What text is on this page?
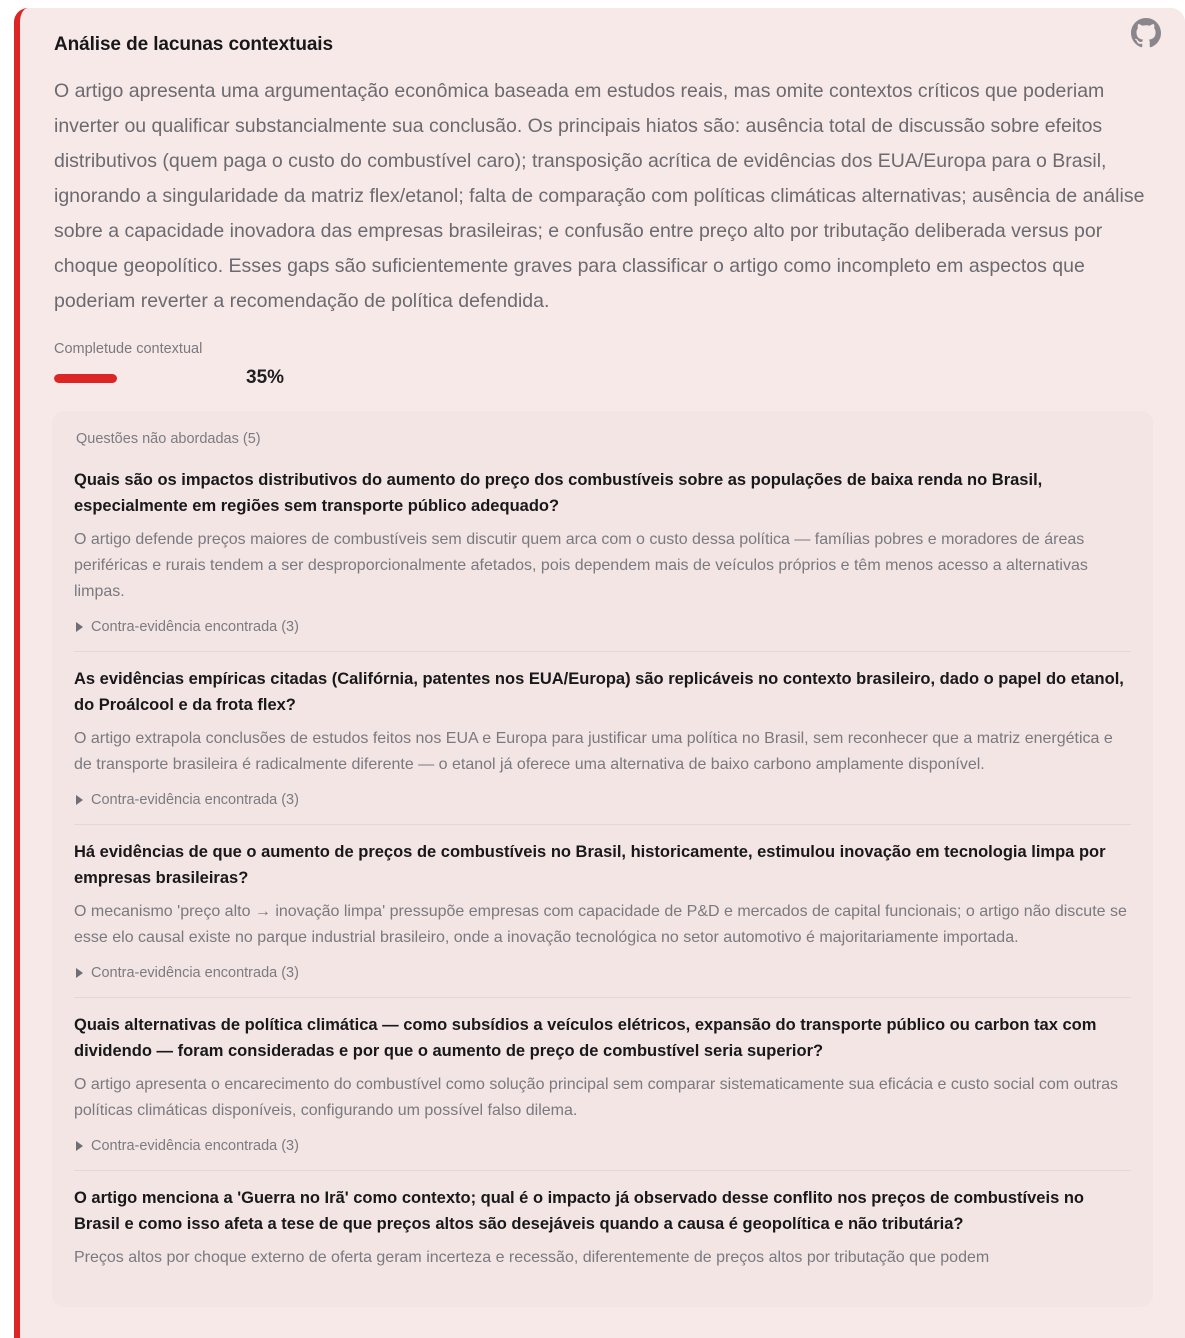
Análise de lacunas contextuais

O artigo apresenta uma argumentação econômica baseada em estudos reais, mas omite contextos críticos que poderiam inverter ou qualificar substancialmente sua conclusão. Os principais hiatos são: ausência total de discussão sobre efeitos distributivos (quem paga o custo do combustível caro); transposição acrítica de evidências dos EUA/Europa para o Brasil, ignorando a singularidade da matriz flex/etanol; falta de comparação com políticas climáticas alternativas; ausência de análise sobre a capacidade inovadora das empresas brasileiras; e confusão entre preço alto por tributação deliberada versus por choque geopolítico. Esses gaps são suficientemente graves para classificar o artigo como incompleto em aspectos que poderiam reverter a recomendação de política defendida.

Completude contextual
35%
Questões não abordadas (5)
Quais são os impactos distributivos do aumento do preço dos combustíveis sobre as populações de baixa renda no Brasil, especialmente em regiões sem transporte público adequado?
O artigo defende preços maiores de combustíveis sem discutir quem arca com o custo dessa política — famílias pobres e moradores de áreas periféricas e rurais tendem a ser desproporcionalmente afetados, pois dependem mais de veículos próprios e têm menos acesso a alternativas limpas.
Contra-evidência encontrada (3)
As evidências empíricas citadas (Califórnia, patentes nos EUA/Europa) são replicáveis no contexto brasileiro, dado o papel do etanol, do Proálcool e da frota flex?
O artigo extrapola conclusões de estudos feitos nos EUA e Europa para justificar uma política no Brasil, sem reconhecer que a matriz energética e de transporte brasileira é radicalmente diferente — o etanol já oferece uma alternativa de baixo carbono amplamente disponível.
Contra-evidência encontrada (3)
Há evidências de que o aumento de preços de combustíveis no Brasil, historicamente, estimulou inovação em tecnologia limpa por empresas brasileiras?
O mecanismo 'preço alto → inovação limpa' pressupõe empresas com capacidade de P&D e mercados de capital funcionais; o artigo não discute se esse elo causal existe no parque industrial brasileiro, onde a inovação tecnológica no setor automotivo é majoritariamente importada.
Contra-evidência encontrada (3)
Quais alternativas de política climática — como subsídios a veículos elétricos, expansão do transporte público ou carbon tax com dividendo — foram consideradas e por que o aumento de preço de combustível seria superior?
O artigo apresenta o encarecimento do combustível como solução principal sem comparar sistematicamente sua eficácia e custo social com outras políticas climáticas disponíveis, configurando um possível falso dilema.
Contra-evidência encontrada (3)
O artigo menciona a 'Guerra no Irã' como contexto; qual é o impacto já observado desse conflito nos preços de combustíveis no Brasil e como isso afeta a tese de que preços altos são desejáveis quando a causa é geopolítica e não tributária?
Preços altos por choque externo de oferta geram incerteza e recessão, diferentemente de preços altos por tributação que podem
